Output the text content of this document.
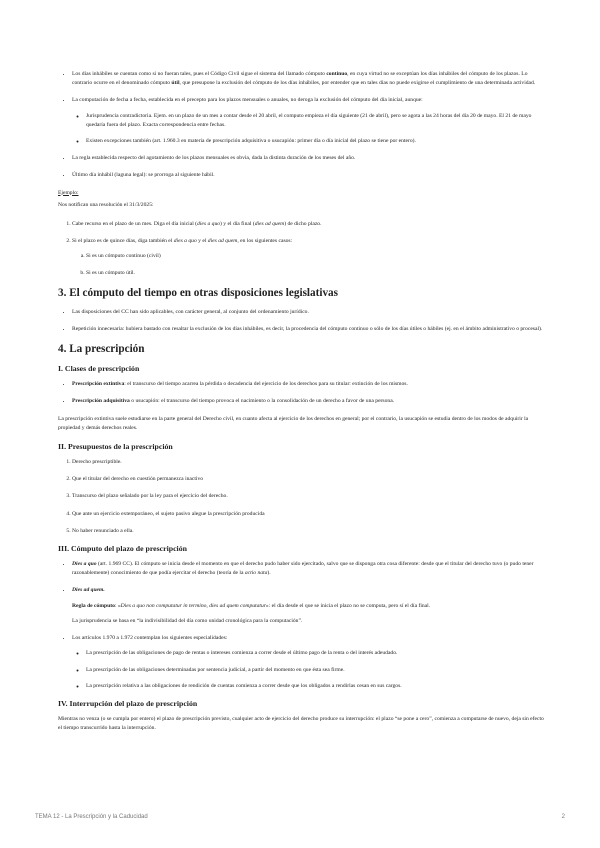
• Los días inhábiles se cuentan como si no fueran tales, pues el Código Civil sigue el sistema del llamado cómputo continuo, en cuya virtud no se exceptúan los días inhábiles del cómputo de los plazos. Lo contrario ocurre en el denominado cómputo útil, que presupone la exclusión del cómputo de los días inhábiles, por entender que en tales días no puede exigirse el cumplimiento de una determinada actividad.
• La computación de fecha a fecha, establecida en el precepto para los plazos mensuales o anuales, no deroga la exclusión del cómputo del día inicial, aunque:
◦ Jurisprudencia contradictoria. Ejem. en un plazo de un mes a contar desde el 20 abril, el computo empieza el día siguiente (21 de abril), pero se agota a las 24 horas del día 20 de mayo. El 21 de mayo quedaría fuera del plazo. Exacta correspondencia entre fechas.
◦ Existen excepciones también (art. 1.960.3 en materia de prescripción adquisitiva o usucapión: primer día o día inicial del plazo se tiene por entero).
• La regla establecida respecto del agotamiento de los plazos mensuales es obvia, dada la distinta duración de los meses del año.
• Último día inhábil (laguna legal): se prorroga al siguiente hábil.

Ejemplo:

Nos notifican una resolución el 31/3/2025:

1. Cabe recurso en el plazo de un mes. Diga el día inicial (dies a quo) y el día final (dies ad quem) de dicho plazo.
2. Si el plazo es de quince días, diga también el dies a quo y el dies ad quem, en los siguientes casos:
a. Si es un cómputo continuo (civil)
b. Si es un cómputo útil.
3. El cómputo del tiempo en otras disposiciones legislativas
• Las disposiciones del CC han sido aplicables, con carácter general, al conjunto del ordenamiento jurídico.
• Repetición innecesaria: hubiera bastado con resaltar la exclusión de los días inhábiles, es decir, la procedencia del cómputo continuo o sólo de los días útiles o hábiles (ej. en el ámbito administrativo o procesal).
4. La prescripción
I. Clases de prescripción
• Prescripción extintiva: el transcurso del tiempo acarrea la pérdida o decadencia del ejercicio de los derechos para su titular: extinción de los mismos.
• Prescripción adquisitiva o usucapión: el transcurso del tiempo provoca el nacimiento o la consolidación de un derecho a favor de una persona.

La prescripción extintiva suele estudiarse en la parte general del Derecho civil, en cuanto afecta al ejercicio de los derechos en general; por el contrario, la usucapión se estudia dentro de los modos de adquirir la propiedad y demás derechos reales.

II. Presupuestos de la prescripción
1. Derecho prescriptible.
2. Que el titular del derecho en cuestión permanezca inactivo
3. Transcurso del plazo señalado por la ley para el ejercicio del derecho.
4. Que ante un ejercicio extemporáneo, el sujeto pasivo alegue la prescripción producida
5. No haber renunciado a ella.
III. Cómputo del plazo de prescripción
• Dies a quo (art. 1.969 CC). El cómputo se inicia desde el momento en que el derecho pudo haber sido ejercitado, salvo que se disponga otra cosa diferente: desde que el titular del derecho tuvo (o pudo tener razonablemente) conocimiento de que podía ejercitar el derecho (teoría de la actio nata).
• Dies ad quem.

Regla de cómputo: «Dies a quo non computatur in termino, dies ad quem computatur»: el día desde el que se inicia el plazo no se computa, pero sí el día final.

La jurisprudencia se basa en “la indivisibilidad del día como unidad cronológica para la computación”.

• Los artículos 1.970 a 1.972 contemplan los siguientes especialidades:
◦ La prescripción de las obligaciones de pago de rentas o intereses comienza a correr desde el último pago de la renta o del interés adeudado.
◦ La prescripción de las obligaciones determinadas por sentencia judicial, a partir del momento en que ésta sea firme.
◦ La prescripción relativa a las obligaciones de rendición de cuentas comienza a correr desde que los obligados a rendirlas cesan en sus cargos.
IV. Interrupción del plazo de prescripción

Mientras no venza (o se cumpla por entero) el plazo de prescripción previsto, cualquier acto de ejercicio del derecho produce su interrupción: el plazo “se pone a cero”, comienza a computarse de nuevo, deja sin efecto el tiempo transcurrido hasta la interrupción.

TEMA 12 - La Prescripción y la Caducidad	2
